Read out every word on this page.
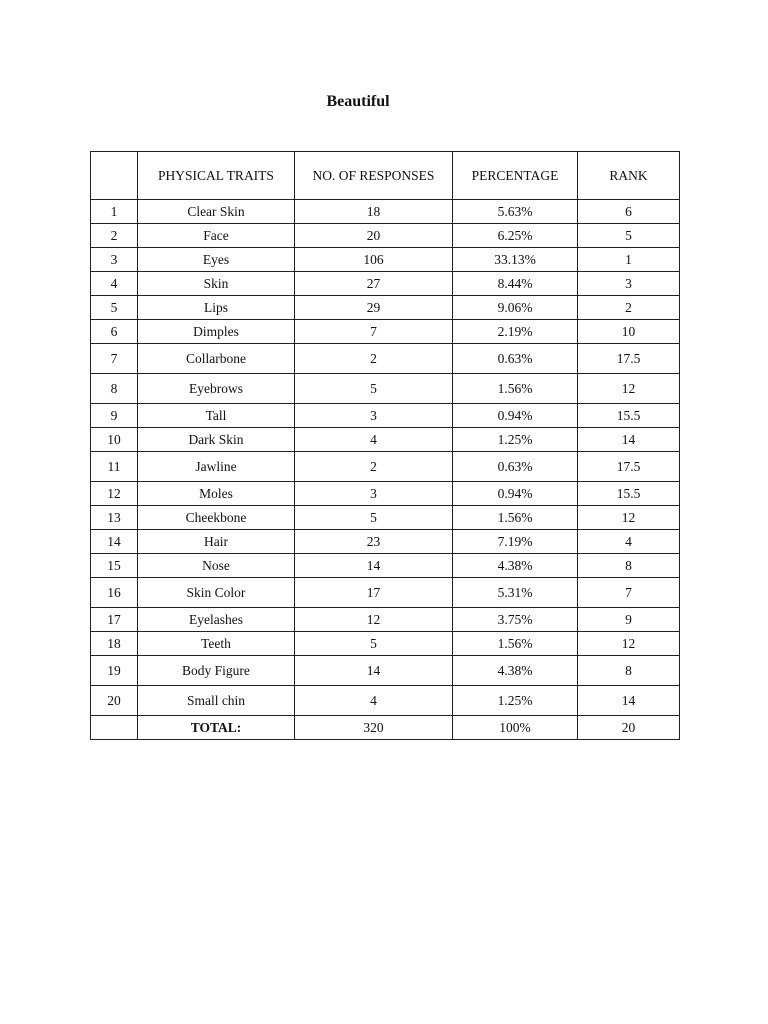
Beautiful
	PHYSICAL TRAITS	NO. OF RESPONSES	PERCENTAGE	RANK
1	Clear Skin	18	5.63%	6
2	Face	20	6.25%	5
3	Eyes	106	33.13%	1
4	Skin	27	8.44%	3
5	Lips	29	9.06%	2
6	Dimples	7	2.19%	10
7	Collarbone	2	0.63%	17.5
8	Eyebrows	5	1.56%	12
9	Tall	3	0.94%	15.5
10	Dark Skin	4	1.25%	14
11	Jawline	2	0.63%	17.5
12	Moles	3	0.94%	15.5
13	Cheekbone	5	1.56%	12
14	Hair	23	7.19%	4
15	Nose	14	4.38%	8
16	Skin Color	17	5.31%	7
17	Eyelashes	12	3.75%	9
18	Teeth	5	1.56%	12
19	Body Figure	14	4.38%	8
20	Small chin	4	1.25%	14
	TOTAL:	320	100%	20
